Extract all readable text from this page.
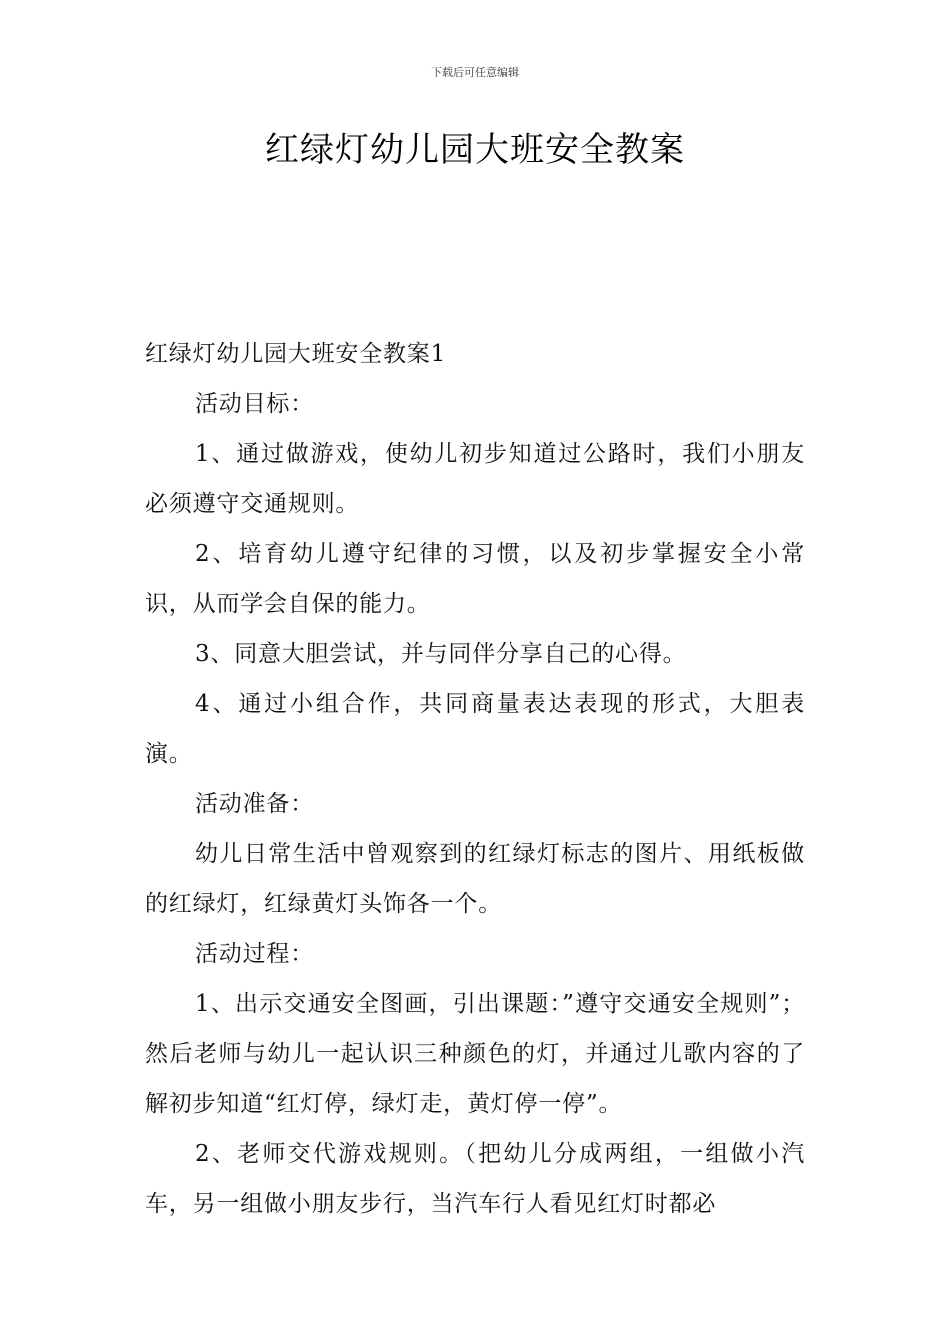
下载后可任意编辑
红绿灯幼儿园大班安全教案

红绿灯幼儿园大班安全教案1

活动目标：

1、通过做游戏，使幼儿初步知道过公路时，我们小朋友必须遵守交通规则。

2、培育幼儿遵守纪律的习惯，以及初步掌握安全小常识，从而学会自保的能力。

3、同意大胆尝试，并与同伴分享自己的心得。

4、通过小组合作，共同商量表达表现的形式，大胆表演。

活动准备：

幼儿日常生活中曾观察到的红绿灯标志的图片、用纸板做的红绿灯，红绿黄灯头饰各一个。

活动过程：

1、出示交通安全图画，引出课题：”遵守交通安全规则”；然后老师与幼儿一起认识三种颜色的灯，并通过儿歌内容的了解初步知道“红灯停，绿灯走，黄灯停一停”。

2、老师交代游戏规则。（把幼儿分成两组，一组做小汽车，另一组做小朋友步行，当汽车行人看见红灯时都必
